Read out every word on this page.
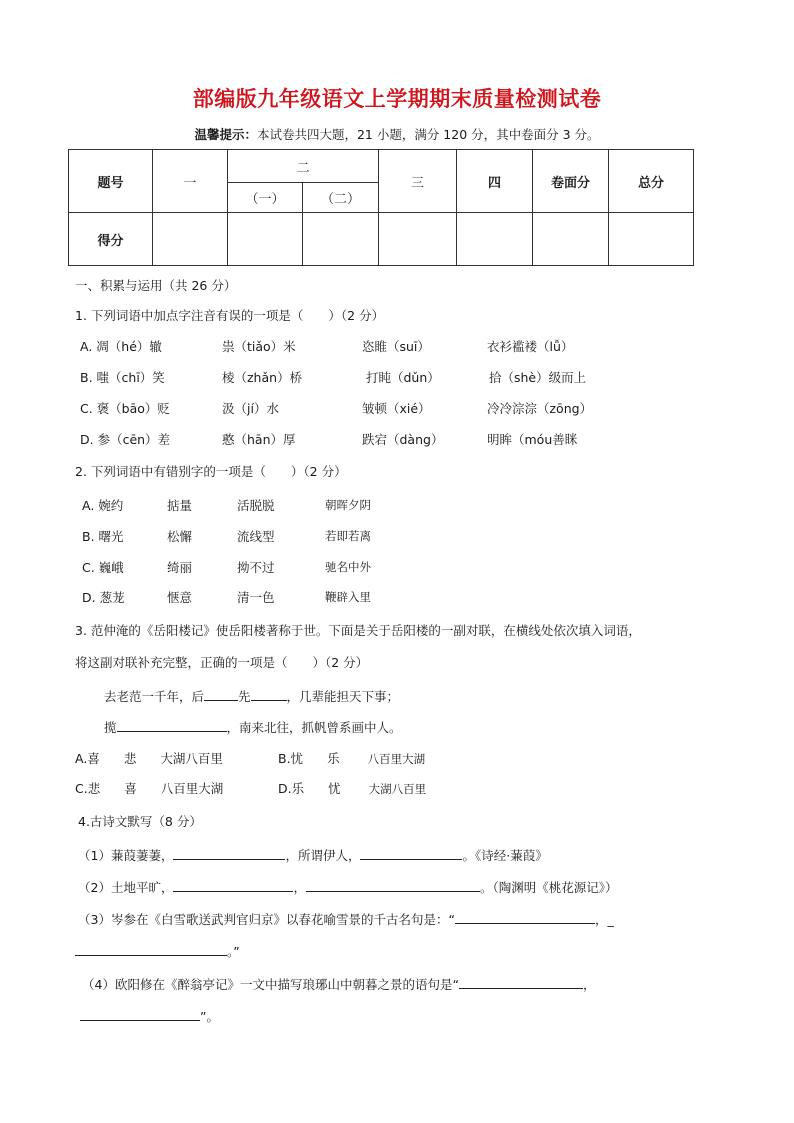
部编版九年级语文上学期期末质量检测试卷
温馨提示：本试卷共四大题，21 小题，满分 120 分，其中卷面分 3 分。
题号	一	二		三	四	卷面分	总分
		（一）	（二）				
得分							
一、积累与运用（共 26 分）
1. 下列词语中加点字注音有误的一项是（　　）（2 分）
A. 凋（hé）辙	祟（tiǎo）米	恣睢（suī）	衣衫褴褛（lǚ）
B. 嗤（chī）笑	棱（zhǎn）桥	打盹（dǔn）	拾（shè）级而上
C. 褒（bāo）贬	汲（jí）水	皱顿（xié）	冷冷淙淙（zōng）
D. 参（cēn）差	憨（hān）厚	跌宕（dàng）	明眸（móu善眯
2. 下列词语中有错别字的一项是（　　）（2 分）
A. 婉约	掂量	活脱脱	朝晖夕阴
B. 曙光	松懈	流线型	若即若离
C. 巍峨	绮丽	拗不过	驰名中外
D. 葱茏	惬意	清一色	鞭辟入里
3. 范仲淹的《岳阳楼记》使岳阳楼著称于世。下面是关于岳阳楼的一副对联，在横线处依次填入词语，
将这副对联补充完整，正确的一项是（　　）（2 分）
去老范一千年，后	先	，几辈能担天下事；
揽	，南来北往，抓帆曾系画中人。
A.喜 悲 大湖八百里	B.忧 乐 八百里大湖
C.悲 喜 八百里大湖	D.乐 忧 大湖八百里
4.古诗文默写（8 分）
（1）蒹葭萋萋，	，所谓伊人，	。《诗经·蒹葭》
（2）土地平旷，	，	。（陶渊明《桃花源记》）
（3）岑参在《白雪歌送武判官归京》以春花喻雪景的千古名句是：“	，_
。”
（4）欧阳修在《醉翁亭记》一文中描写琅琊山中朝暮之景的语句是“	，
”。
